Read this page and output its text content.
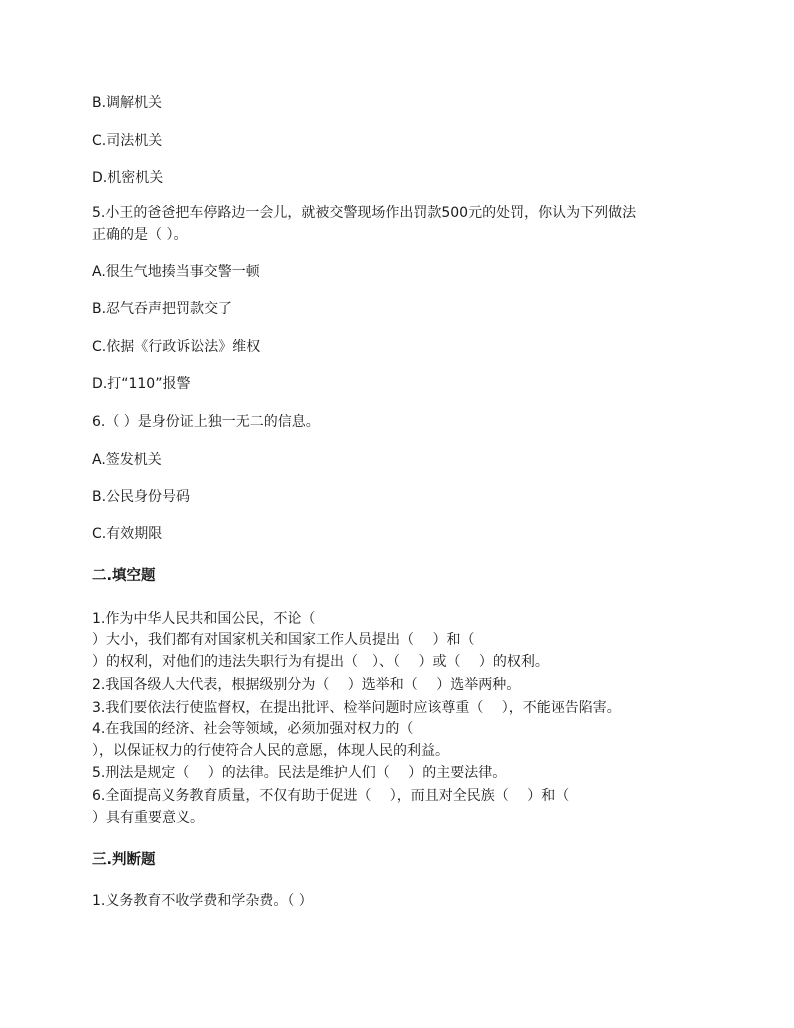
B.调解机关
C.司法机关
D.机密机关
5.小王的爸爸把车停路边一会儿，就被交警现场作出罚款500元的处罚，你认为下列做法
正确的是（ ）。
A.很生气地揍当事交警一顿
B.忍气吞声把罚款交了
C.依据《行政诉讼法》维权
D.打“110”报警
6.（ ）是身份证上独一无二的信息。
A.签发机关
B.公民身份号码
C.有效期限
二.填空题
1.作为中华人民共和国公民，不论（
）大小，我们都有对国家机关和国家工作人员提出（　 ）和（
）的权利，对他们的违法失职行为有提出（　）、（　 ）或（　 ）的权利。
2.我国各级人大代表，根据级别分为（　 ）选举和（　 ）选举两种。
3.我们要依法行使监督权，在提出批评、检举问题时应该尊重（　 ），不能诬告陷害。
4.在我国的经济、社会等领域，必须加强对权力的（
），以保证权力的行使符合人民的意愿，体现人民的利益。
5.刑法是规定（　 ）的法律。民法是维护人们（　 ）的主要法律。
6.全面提高义务教育质量，不仅有助于促进（　 ），而且对全民族（　 ）和（
）具有重要意义。
三.判断题
1.义务教育不收学费和学杂费。（ ）
